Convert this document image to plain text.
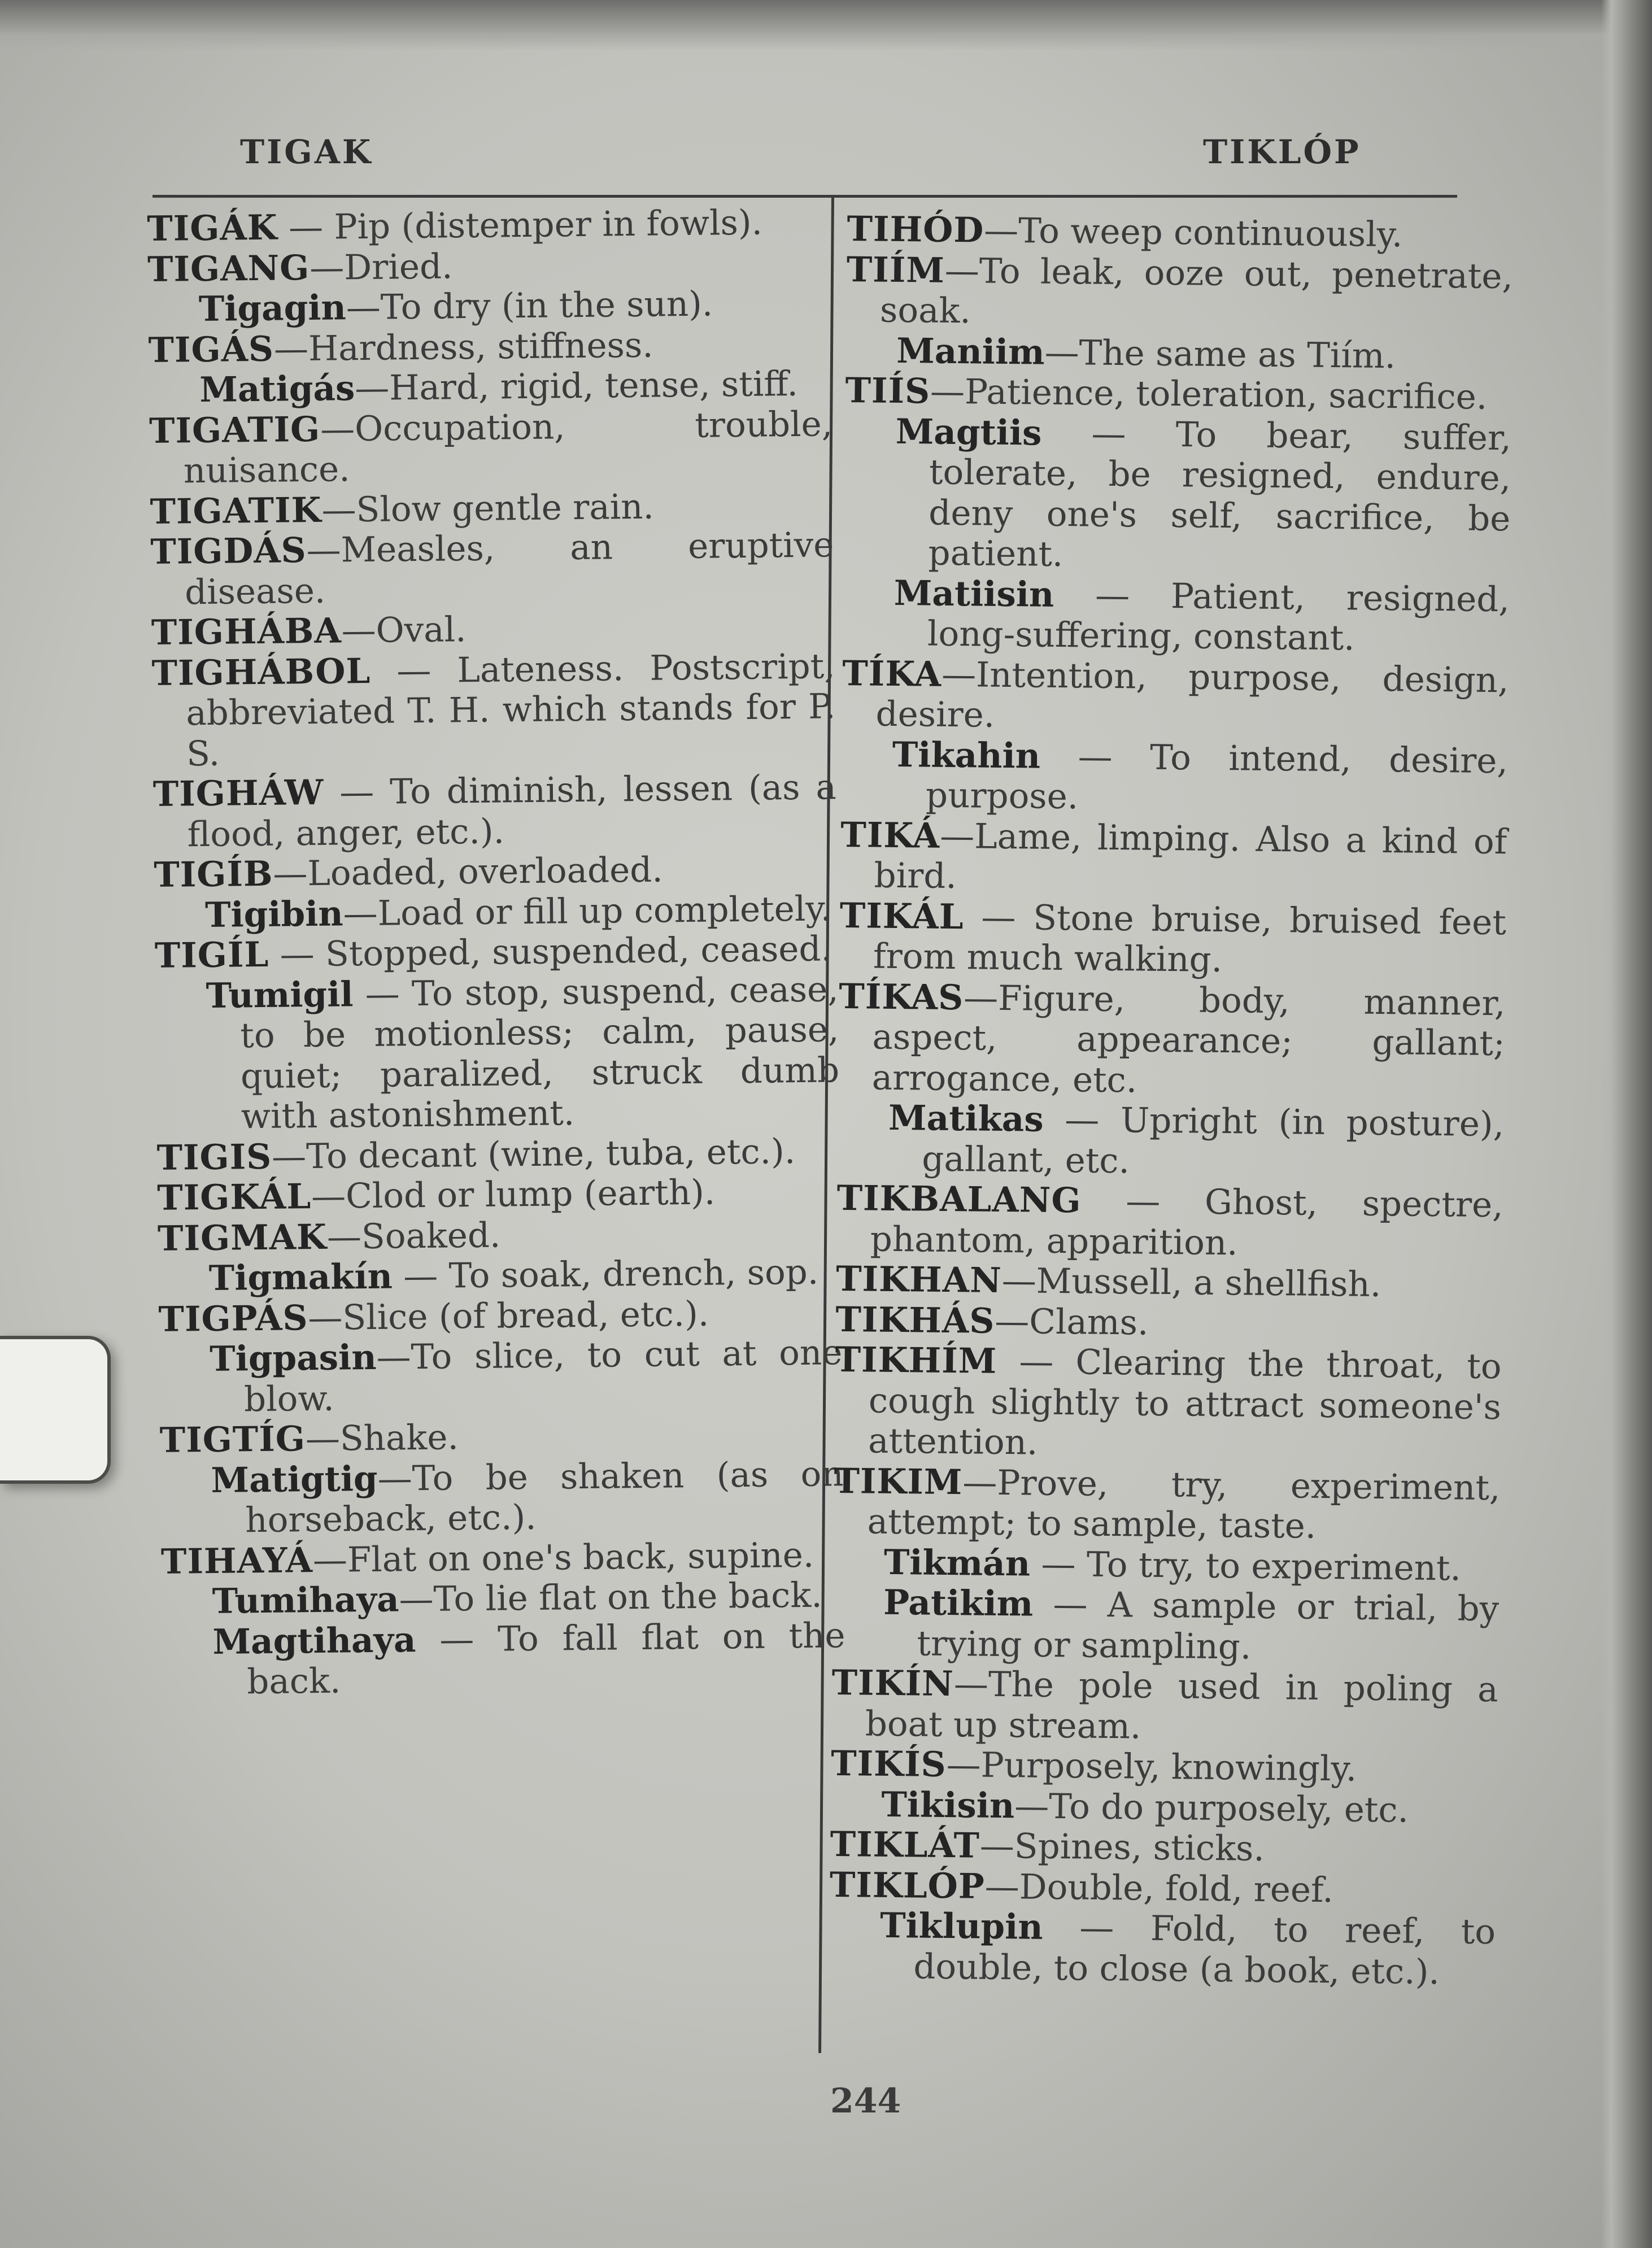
TIGAK	TIKLÓP
TIGÁK — Pip (distemper in fowls).
TIGANG—Dried.
Tigagin—To dry (in the sun).
TIGÁS—Hardness, stiffness.
Matigás—Hard, rigid, tense, stiff.
TIGATIG—Occupation, trouble, nuisance.
TIGATIK—Slow gentle rain.
TIGDÁS—Measles, an eruptive disease.
TIGHÁBA—Oval.
TIGHÁBOL — Lateness. Postscript, abbreviated T. H. which stands for P. S.
TIGHÁW — To diminish, lessen (as a flood, anger, etc.).
TIGÍB—Loaded, overloaded.
Tigibin—Load or fill up completely.
TIGÍL — Stopped, suspended, ceased.
Tumigil — To stop, suspend, cease, to be motionless; calm, pause, quiet; paralized, struck dumb with astonishment.
TIGIS—To decant (wine, tuba, etc.).
TIGKÁL—Clod or lump (earth).
TIGMAK—Soaked.
Tigmakín — To soak, drench, sop.
TIGPÁS—Slice (of bread, etc.).
Tigpasin—To slice, to cut at one blow.
TIGTÍG—Shake.
Matigtig—To be shaken (as on horseback, etc.).
TIHAYÁ—Flat on one's back, supine.
Tumihaya—To lie flat on the back.
Magtihaya — To fall flat on the back.
TIHÓD—To weep continuously.
TIÍM—To leak, ooze out, penetrate, soak.
Maniim—The same as Tiím.
TIÍS—Patience, toleration, sacrifice.
Magtiis — To bear, suffer, tolerate, be resigned, endure, deny one's self, sacrifice, be patient.
Matiisin — Patient, resigned, long-suffering, constant.
TÍKA—Intention, purpose, design, desire.
Tikahin — To intend, desire, purpose.
TIKÁ—Lame, limping. Also a kind of bird.
TIKÁL — Stone bruise, bruised feet from much walking.
TÍKAS—Figure, body, manner, aspect, appearance; gallant; arrogance, etc.
Matikas — Upright (in posture), gallant, etc.
TIKBALANG — Ghost, spectre, phantom, apparition.
TIKHAN—Mussell, a shellfish.
TIKHÁS—Clams.
TIKHÍM — Clearing the throat, to cough slightly to attract someone's attention.
TIKIM—Prove, try, experiment, attempt; to sample, taste.
Tikmán — To try, to experiment.
Patikim — A sample or trial, by trying or sampling.
TIKÍN—The pole used in poling a boat up stream.
TIKÍS—Purposely, knowingly.
Tikisin—To do purposely, etc.
TIKLÁT—Spines, sticks.
TIKLÓP—Double, fold, reef.
Tiklupin — Fold, to reef, to double, to close (a book, etc.).
244
